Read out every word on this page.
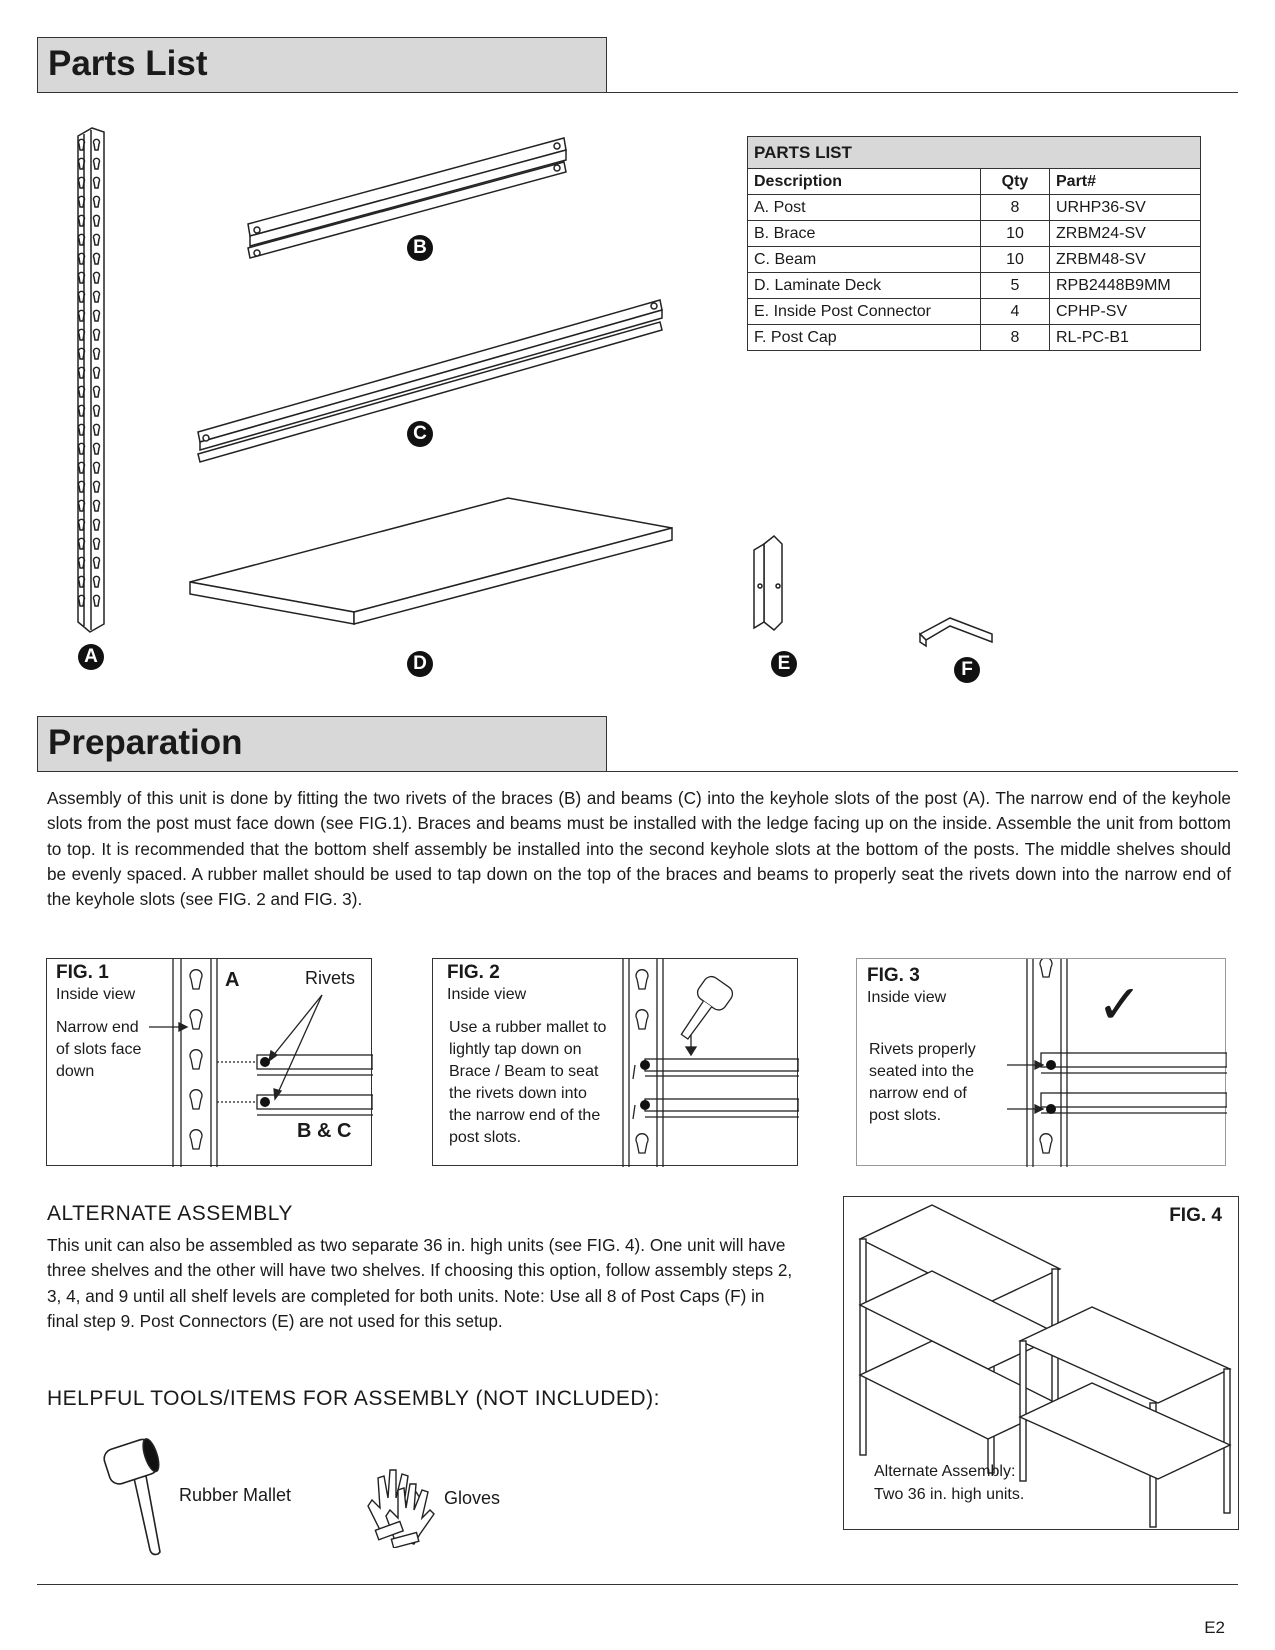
Parts List
A
B
C
D	E	F
PARTS LIST		
Description	Qty	Part#
A. Post	8	URHP36-SV
B. Brace	10	ZRBM24-SV
C. Beam	10	ZRBM48-SV
D. Laminate Deck	5	RPB2448B9MM
E. Inside Post Connector	4	CPHP-SV
F. Post Cap	8	RL-PC-B1
Preparation
Assembly of this unit is done by fitting the two rivets of the braces (B) and beams (C) into the keyhole slots of the post (A). The narrow end of the keyhole slots from the post must face down (see FIG.1). Braces and beams must be installed with the ledge facing up on the inside. Assemble the unit from bottom to top. It is recommended that the bottom shelf assembly be installed into the second keyhole slots at the bottom of the posts. The middle shelves should be evenly spaced. A rubber mallet should be used to tap down on the top of the braces and beams to properly seat the rivets down into the narrow end of the keyhole slots (see FIG. 2 and FIG. 3).
FIG. 1
Inside view
Narrow end of slots face down
A	Rivets
B & C
FIG. 2
Inside view
Use a rubber mallet to lightly tap down on Brace / Beam to seat the rivets down into the narrow end of the post slots.
FIG. 3
Inside view
Rivets properly seated into the narrow end of post slots.
✓
ALTERNATE ASSEMBLY
This unit can also be assembled as two separate 36 in. high units (see FIG. 4). One unit will have three shelves and the other will have two shelves. If choosing this option, follow assembly steps 2, 3, 4, and 9 until all shelf levels are completed for both units. Note: Use all 8 of Post Caps (F) in final step 9. Post Connectors (E) are not used for this setup.
FIG. 4
Alternate Assembly:
Two 36 in. high units.
HELPFUL TOOLS/ITEMS FOR ASSEMBLY (NOT INCLUDED):
Rubber Mallet	Gloves
E2
